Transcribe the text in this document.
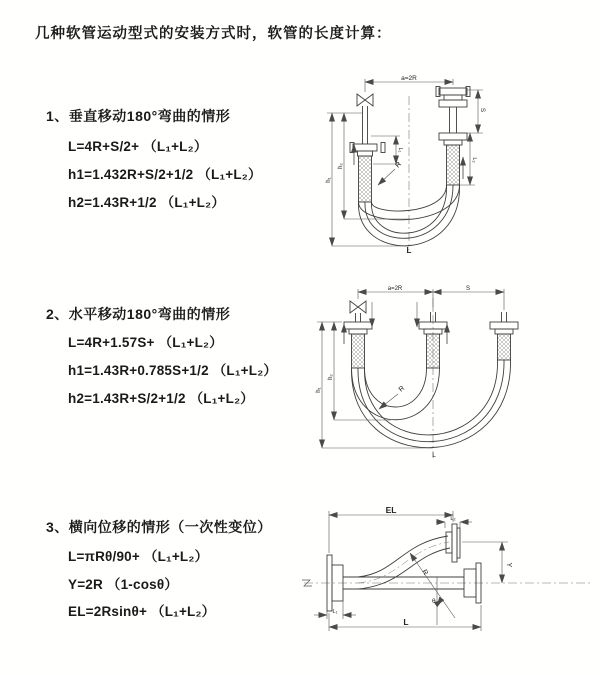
几种软管运动型式的安装方式时，软管的长度计算：
1、垂直移动180°弯曲的情形
L=4R+S/2+ （L₁+L₂）
h1=1.432R+S/2+1/2 （L₁+L₂）
h2=1.43R+1/2 （L₁+L₂）
2、水平移动180°弯曲的情形
L=4R+1.57S+ （L₁+L₂）
h1=1.43R+0.785S+1/2 （L₁+L₂）
h2=1.43R+S/2+1/2 （L₁+L₂）
3、横向位移的情形（一次性变位）
L=πRθ/90+ （L₁+L₂）
Y=2R （1-cosθ）
EL=2Rsinθ+ （L₁+L₂）
a=2R
S
L₂
L₁
h₁
h₂	R
L
a=2R	S
h₁
h₂
R
L
EL
L₂
Y
R
θ
L₁
L
